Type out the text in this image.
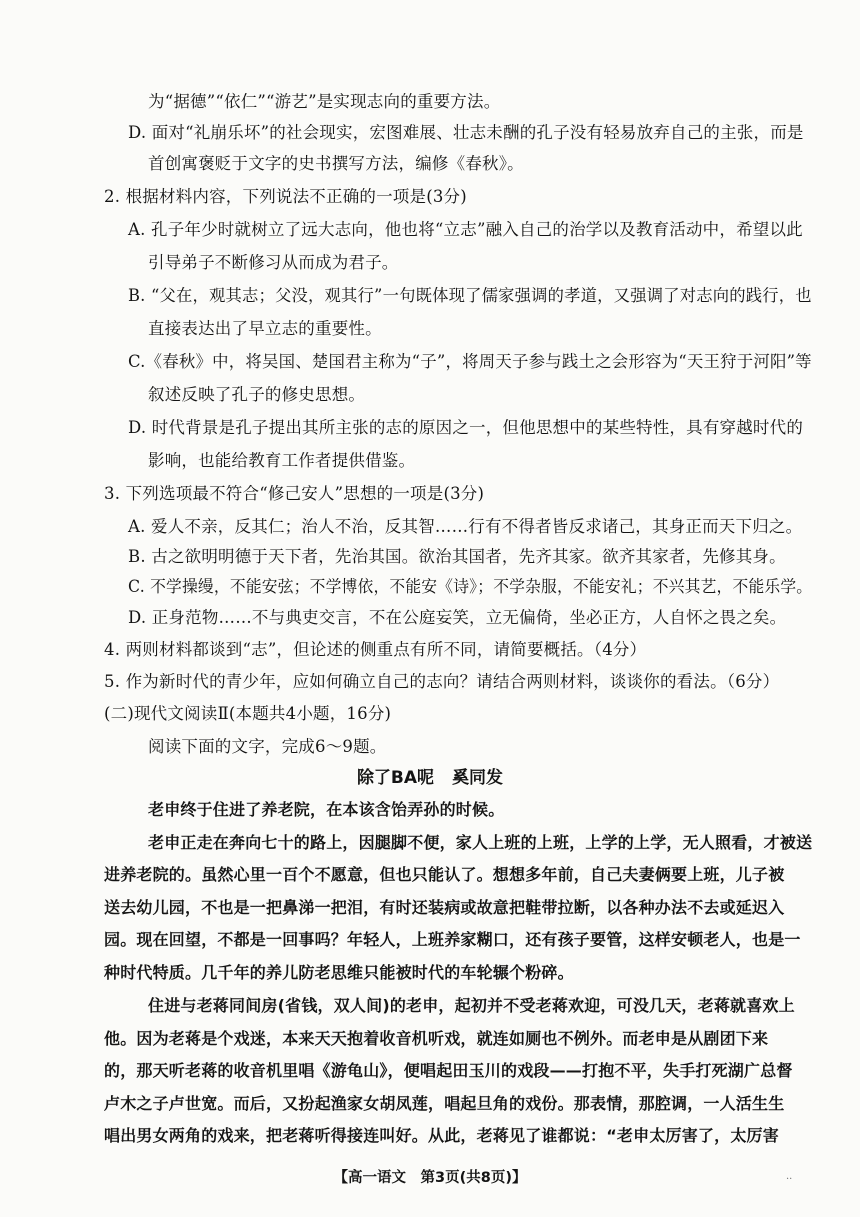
为“据德”“依仁”“游艺”是实现志向的重要方法。
D. 面对“礼崩乐坏”的社会现实，宏图难展、壮志未酬的孔子没有轻易放弃自己的主张，而是
首创寓褒贬于文字的史书撰写方法，编修《春秋》。
2. 根据材料内容，下列说法不正确的一项是(3分)
A. 孔子年少时就树立了远大志向，他也将“立志”融入自己的治学以及教育活动中，希望以此
引导弟子不断修习从而成为君子。
B. “父在，观其志；父没，观其行”一句既体现了儒家强调的孝道，又强调了对志向的践行，也
直接表达出了早立志的重要性。
C.《春秋》中，将吴国、楚国君主称为“子”，将周天子参与践土之会形容为“天王狩于河阳”等
叙述反映了孔子的修史思想。
D. 时代背景是孔子提出其所主张的志的原因之一，但他思想中的某些特性，具有穿越时代的
影响，也能给教育工作者提供借鉴。
3. 下列选项最不符合“修己安人”思想的一项是(3分)
A. 爱人不亲，反其仁；治人不治，反其智……行有不得者皆反求诸己，其身正而天下归之。
B. 古之欲明明德于天下者，先治其国。欲治其国者，先齐其家。欲齐其家者，先修其身。
C. 不学操缦，不能安弦；不学博依，不能安《诗》；不学杂服，不能安礼；不兴其艺，不能乐学。
D. 正身范物……不与典吏交言，不在公庭妄笑，立无偏倚，坐必正方，人自怀之畏之矣。
4. 两则材料都谈到“志”，但论述的侧重点有所不同，请简要概括。（4分）
5. 作为新时代的青少年，应如何确立自己的志向？请结合两则材料，谈谈你的看法。（6分）
(二)现代文阅读Ⅱ(本题共4小题，16分)
阅读下面的文字，完成6～9题。
除了BA呢 奚同发
老申终于住进了养老院，在本该含饴弄孙的时候。
老申正走在奔向七十的路上，因腿脚不便，家人上班的上班，上学的上学，无人照看，才被送
进养老院的。虽然心里一百个不愿意，但也只能认了。想想多年前，自己夫妻俩要上班，儿子被
送去幼儿园，不也是一把鼻涕一把泪，有时还装病或故意把鞋带拉断，以各种办法不去或延迟入
园。现在回望，不都是一回事吗？年轻人，上班养家糊口，还有孩子要管，这样安顿老人，也是一
种时代特质。几千年的养儿防老思维只能被时代的车轮辗个粉碎。
住进与老蒋同间房(省钱，双人间)的老申，起初并不受老蒋欢迎，可没几天，老蒋就喜欢上
他。因为老蒋是个戏迷，本来天天抱着收音机听戏，就连如厕也不例外。而老申是从剧团下来
的，那天听老蒋的收音机里唱《游龟山》，便唱起田玉川的戏段——打抱不平，失手打死湖广总督
卢木之子卢世宽。而后，又扮起渔家女胡凤莲，唱起旦角的戏份。那表情，那腔调，一人活生生
唱出男女两角的戏来，把老蒋听得接连叫好。从此，老蒋见了谁都说：“老申太厉害了，太厉害
【高一语文　第3页(共8页)】	··
